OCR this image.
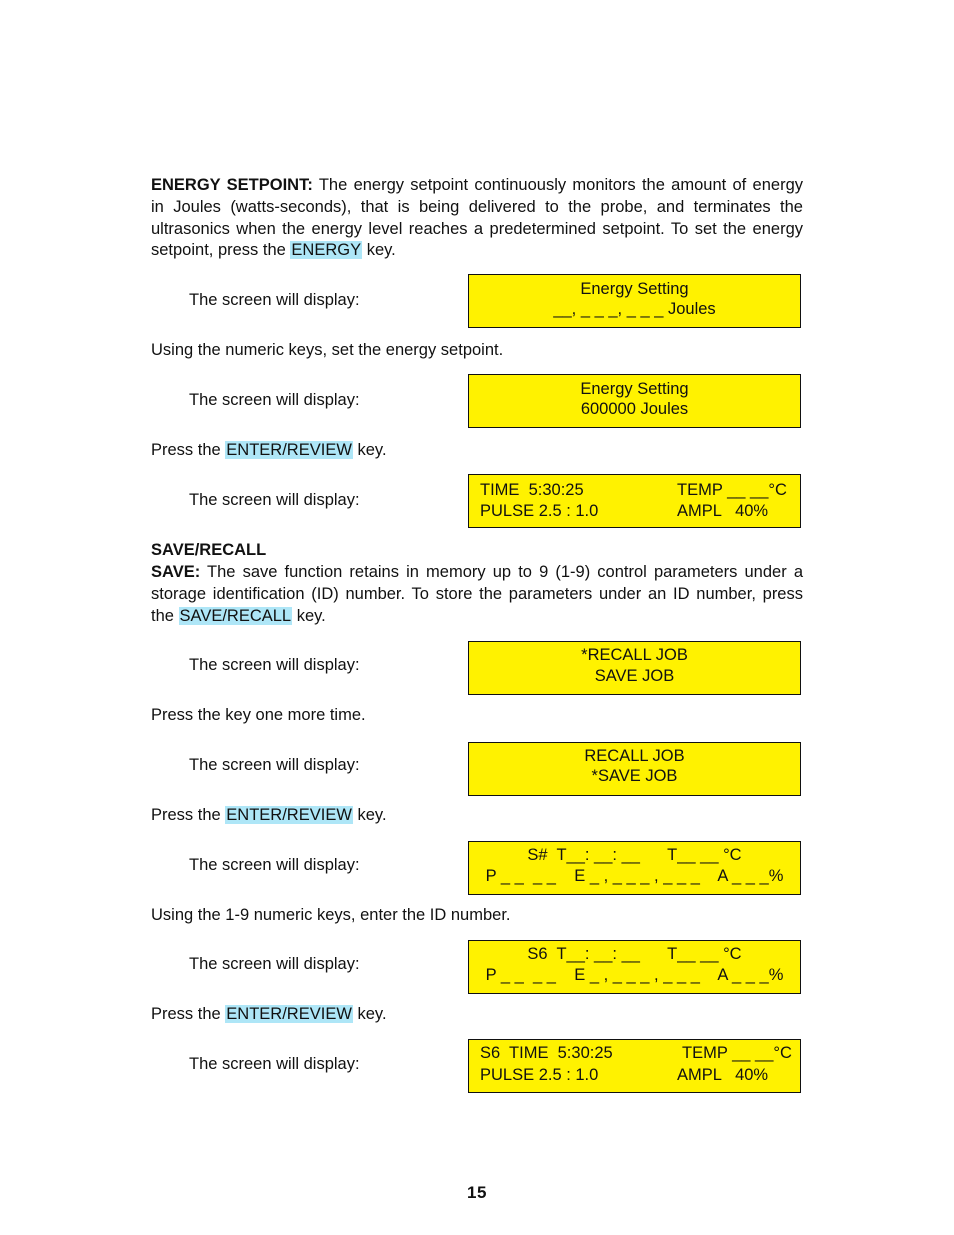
ENERGY SETPOINT: The energy setpoint continuously monitors the amount of energy in Joules (watts-seconds), that is being delivered to the probe, and terminates the ultrasonics when the energy level reaches a predetermined setpoint. To set the energy setpoint, press the ENERGY key.

The screen will display:
Energy Setting
__, _ _ _, _ _ _ Joules
Using the numeric keys, set the energy setpoint.
The screen will display:
Energy Setting
600000 Joules
Press the ENTER/REVIEW key.
The screen will display:
TIME  5:30:25	TEMP __ __°C
PULSE 2.5 : 1.0	AMPL   40%
SAVE/RECALL

SAVE: The save function retains in memory up to 9 (1-9) control parameters under a storage identification (ID) number. To store the parameters under an ID number, press the SAVE/RECALL key.

The screen will display:
*RECALL JOB
SAVE JOB
Press the key one more time.
The screen will display:	RECALL JOB
*SAVE JOB
Press the ENTER/REVIEW key.
The screen will display:
S#  T__: __: __      T__ __ °C
P _ _  _ _    E _ , _ _ _ , _ _ _    A _ _ _%
Using the 1-9 numeric keys, enter the ID number.
The screen will display:
S6  T__: __: __      T__ __ °C
P _ _  _ _    E _ , _ _ _ , _ _ _    A _ _ _%
Press the ENTER/REVIEW key.
The screen will display:
S6  TIME  5:30:25	TEMP __ __°C
PULSE 2.5 : 1.0	AMPL   40%
15
